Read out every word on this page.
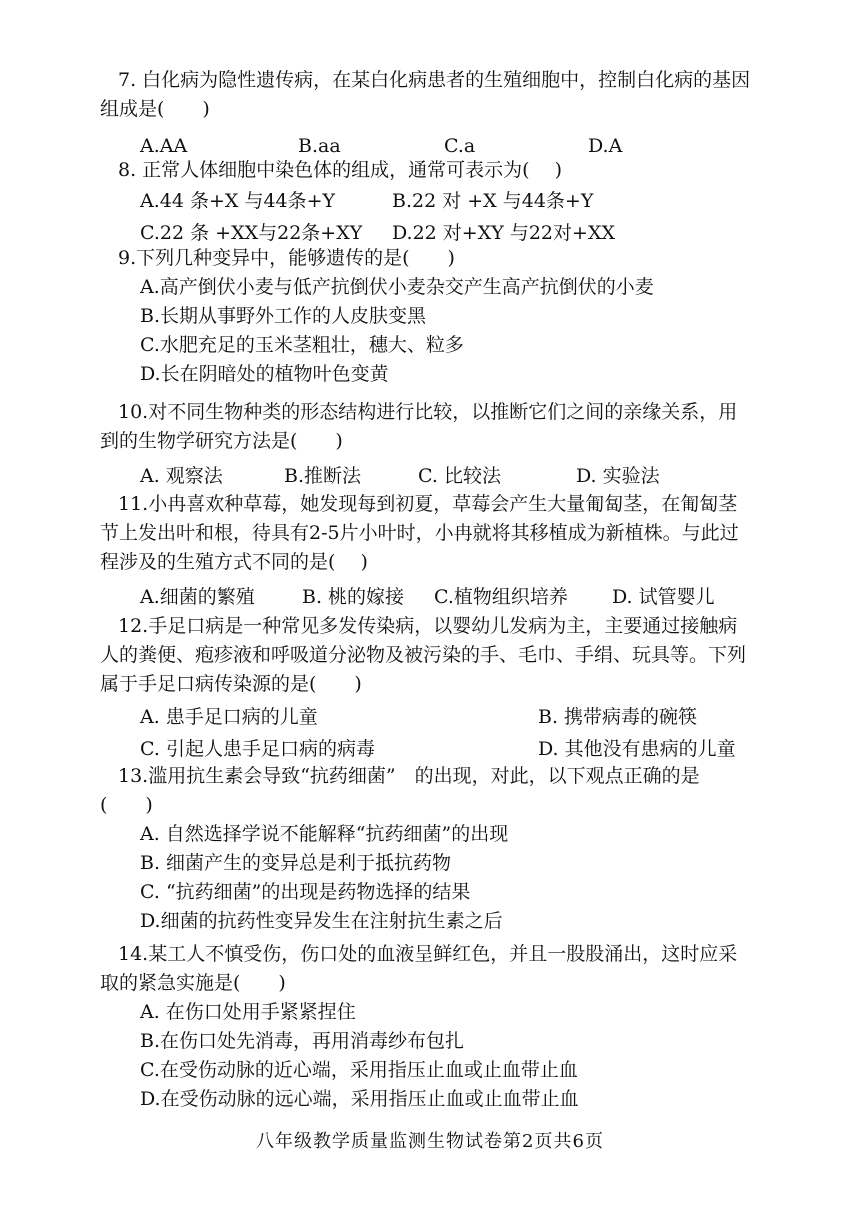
7. 白化病为隐性遗传病，在某白化病患者的生殖细胞中，控制白化病的基因

组成是(　　)

A.AA	B.aa	C.a	D.A

8. 正常人体细胞中染色体的组成，通常可表示为(　 )

A.44 条+X 与44条+Y	B.22 对 +X 与44条+Y
C.22 条 +XX与22条+XY D.22 对+XY 与22对+XX

9.下列几种变异中，能够遗传的是(　　)

A.高产倒伏小麦与低产抗倒伏小麦杂交产生高产抗倒伏的小麦

B.长期从事野外工作的人皮肤变黑

C.水肥充足的玉米茎粗壮，穗大、粒多

D.长在阴暗处的植物叶色变黄

10.对不同生物种类的形态结构进行比较，以推断它们之间的亲缘关系，用

到的生物学研究方法是(　　)

A. 观察法	B.推断法	C. 比较法	D. 实验法

11.小冉喜欢种草莓，她发现每到初夏，草莓会产生大量匍匐茎，在匍匐茎

节上发出叶和根，待具有2-5片小叶时，小冉就将其移植成为新植株。与此过

程涉及的生殖方式不同的是(　 )

A.细菌的繁殖 B. 桃的嫁接 C.植物组织培养 D. 试管婴儿

12.手足口病是一种常见多发传染病，以婴幼儿发病为主，主要通过接触病

人的粪便、疱疹液和呼吸道分泌物及被污染的手、毛巾、手绢、玩具等。下列

属于手足口病传染源的是(　　)

A. 患手足口病的儿童	B. 携带病毒的碗筷
C. 引起人患手足口病的病毒	D. 其他没有患病的儿童

13.滥用抗生素会导致“抗药细菌”　的出现，对此，以下观点正确的是

(　　)

A. 自然选择学说不能解释“抗药细菌”的出现

B. 细菌产生的变异总是利于抵抗药物

C. “抗药细菌”的出现是药物选择的结果

D.细菌的抗药性变异发生在注射抗生素之后

14.某工人不慎受伤，伤口处的血液呈鲜红色，并且一股股涌出，这时应采

取的紧急实施是(　　)

A. 在伤口处用手紧紧捏住

B.在伤口处先消毒，再用消毒纱布包扎

C.在受伤动脉的近心端，采用指压止血或止血带止血

D.在受伤动脉的远心端，采用指压止血或止血带止血

八年级教学质量监测生物试卷第2页共6页
